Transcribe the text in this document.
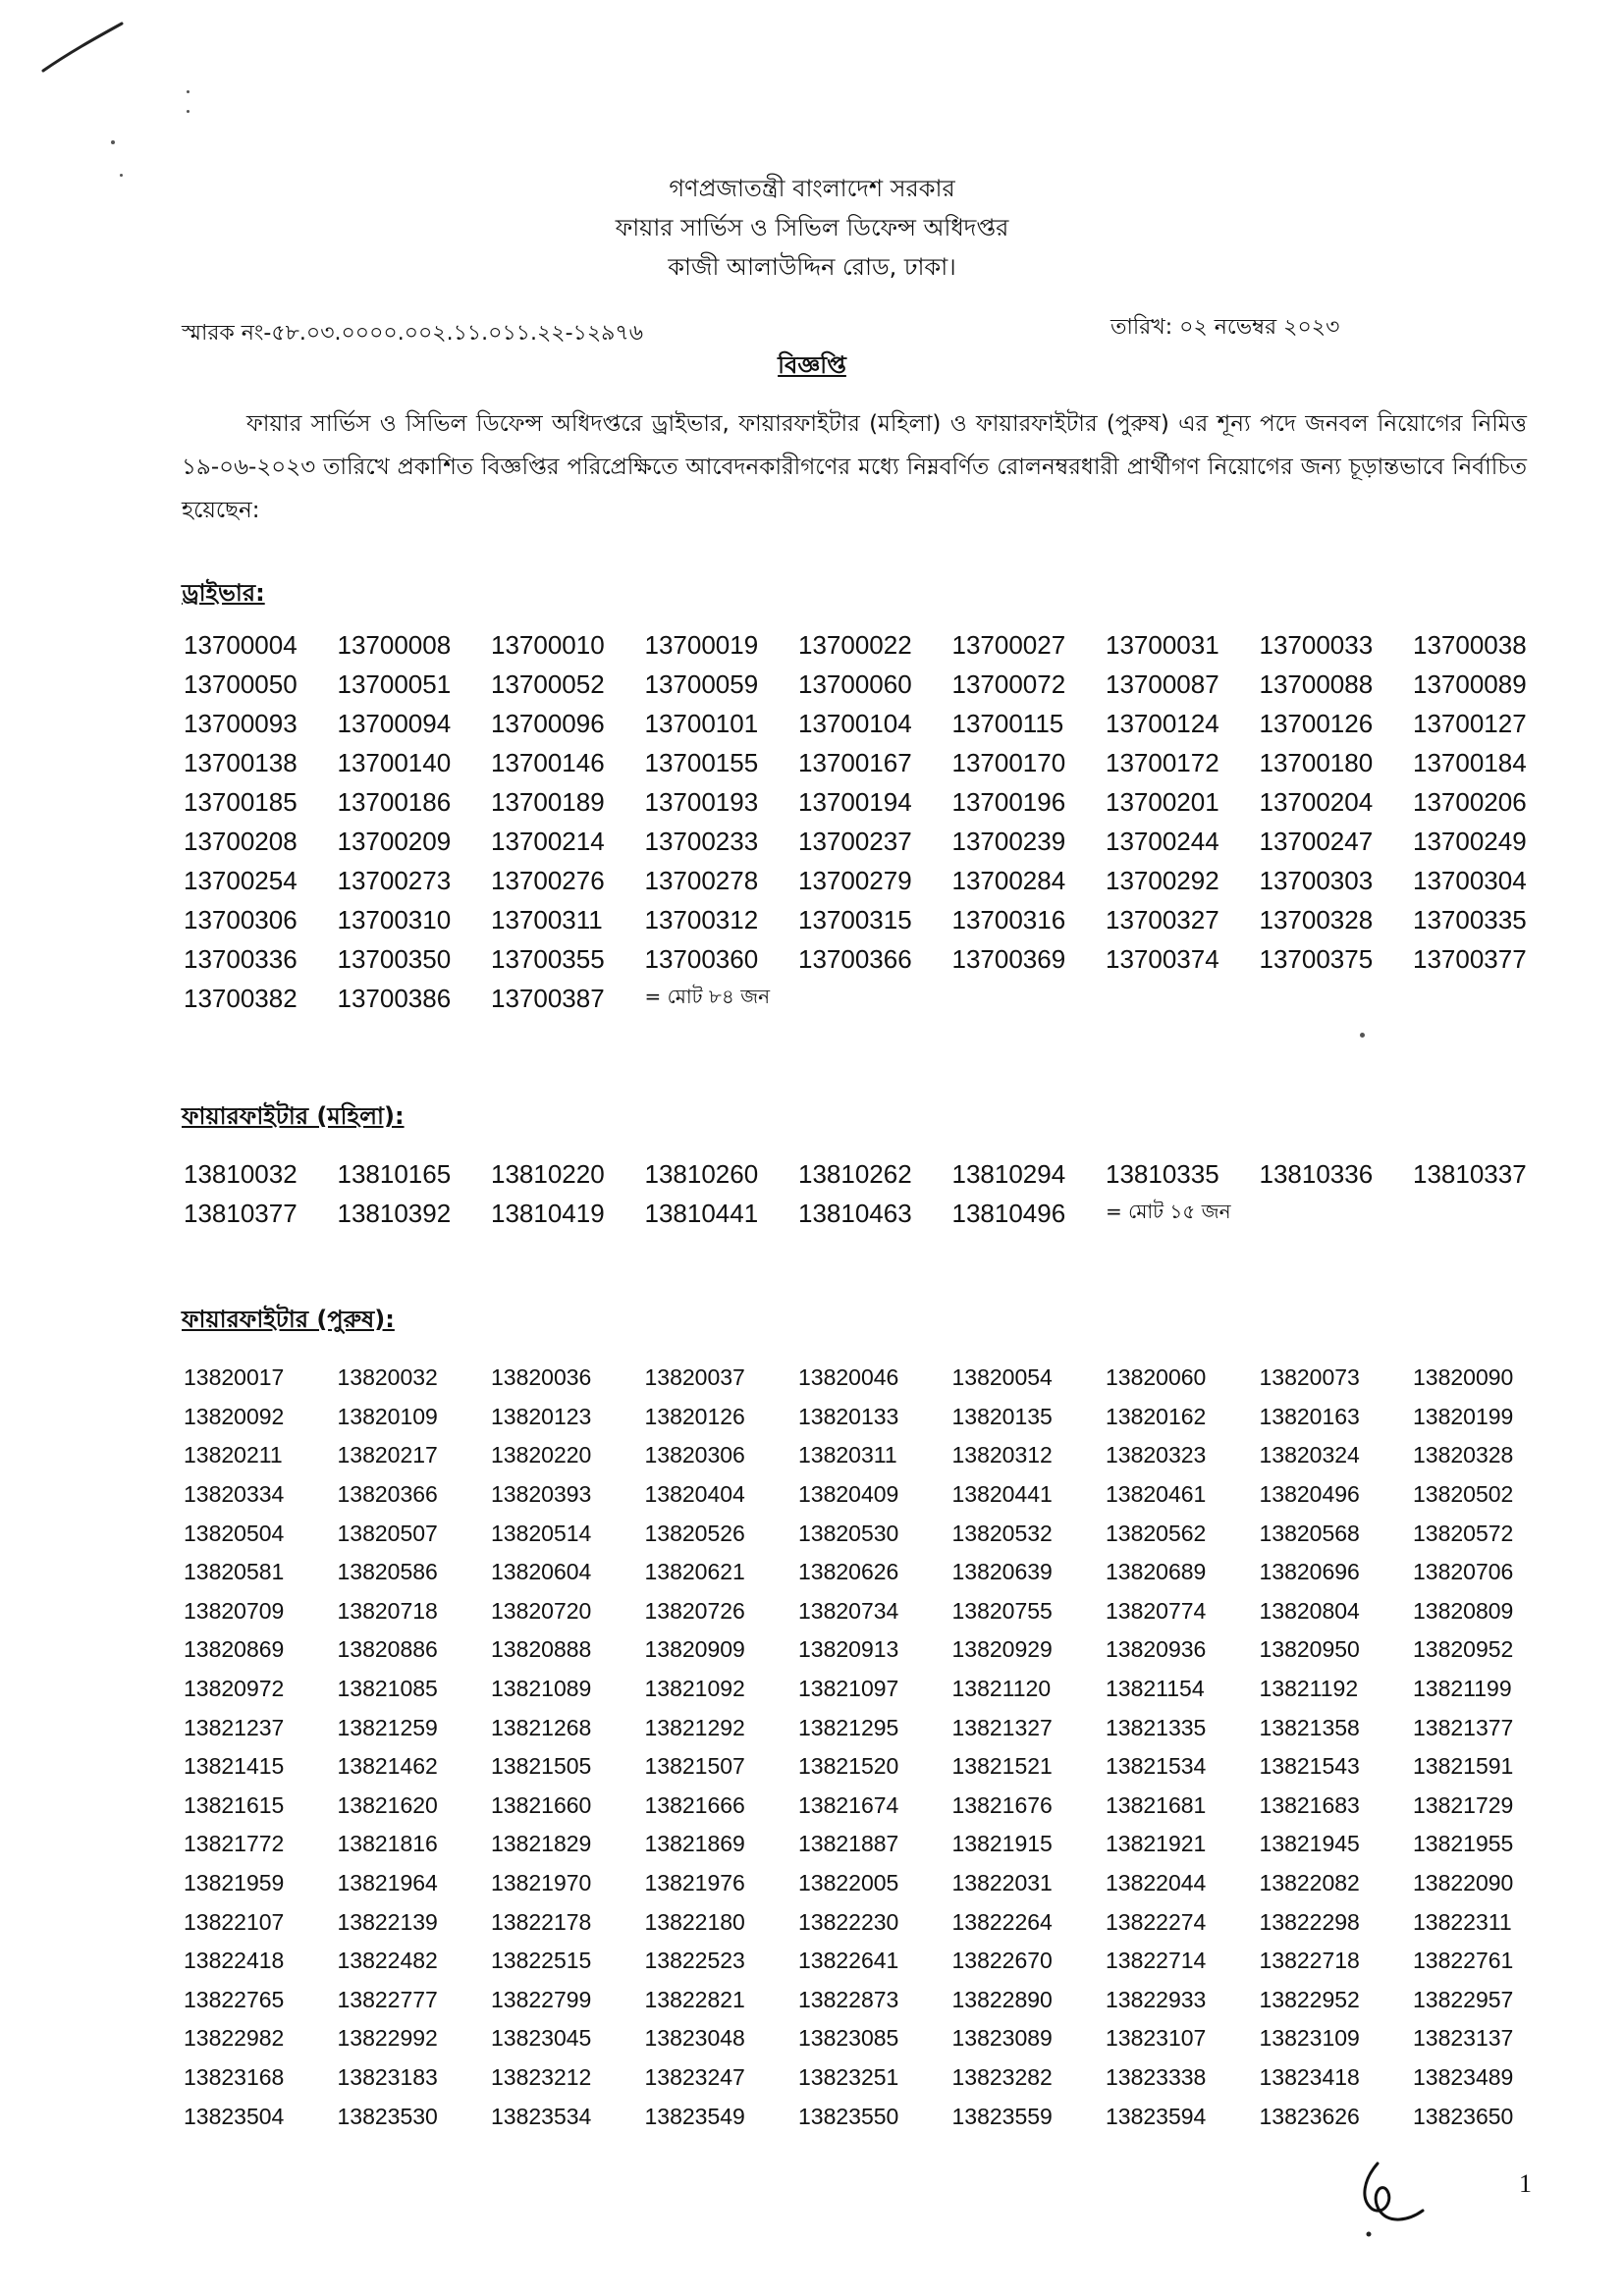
গণপ্রজাতন্ত্রী বাংলাদেশ সরকার
ফায়ার সার্ভিস ও সিভিল ডিফেন্স অধিদপ্তর
কাজী আলাউদ্দিন রোড, ঢাকা।
স্মারক নং-৫৮.০৩.০০০০.০০২.১১.০১১.২২-১২৯৭৬	তারিখ: ০২ নভেম্বর ২০২৩
বিজ্ঞপ্তি
ফায়ার সার্ভিস ও সিভিল ডিফেন্স অধিদপ্তরে ড্রাইভার, ফায়ারফাইটার (মহিলা) ও ফায়ারফাইটার (পুরুষ) এর শূন্য পদে জনবল নিয়োগের নিমিত্ত ১৯-০৬-২০২৩ তারিখে প্রকাশিত বিজ্ঞপ্তির পরিপ্রেক্ষিতে আবেদনকারীগণের মধ্যে নিম্নবর্ণিত রোলনম্বরধারী প্রার্থীগণ নিয়োগের জন্য চূড়ান্তভাবে নির্বাচিত হয়েছেন:
ড্রাইভার:
13700004	13700008	13700010	13700019	13700022	13700027	13700031	13700033	13700038
13700050	13700051	13700052	13700059	13700060	13700072	13700087	13700088	13700089
13700093	13700094	13700096	13700101	13700104	13700115	13700124	13700126	13700127
13700138	13700140	13700146	13700155	13700167	13700170	13700172	13700180	13700184
13700185	13700186	13700189	13700193	13700194	13700196	13700201	13700204	13700206
13700208	13700209	13700214	13700233	13700237	13700239	13700244	13700247	13700249
13700254	13700273	13700276	13700278	13700279	13700284	13700292	13700303	13700304
13700306	13700310	13700311	13700312	13700315	13700316	13700327	13700328	13700335
13700336	13700350	13700355	13700360	13700366	13700369	13700374	13700375	13700377
13700382	13700386	13700387	= মোট ৮৪ জন
ফায়ারফাইটার (মহিলা):
13810032	13810165	13810220	13810260	13810262	13810294	13810335	13810336	13810337
13810377	13810392	13810419	13810441	13810463	13810496	= মোট ১৫ জন
ফায়ারফাইটার (পুরুষ):
13820017	13820032	13820036	13820037	13820046	13820054	13820060	13820073	13820090
13820092	13820109	13820123	13820126	13820133	13820135	13820162	13820163	13820199
13820211	13820217	13820220	13820306	13820311	13820312	13820323	13820324	13820328
13820334	13820366	13820393	13820404	13820409	13820441	13820461	13820496	13820502
13820504	13820507	13820514	13820526	13820530	13820532	13820562	13820568	13820572
13820581	13820586	13820604	13820621	13820626	13820639	13820689	13820696	13820706
13820709	13820718	13820720	13820726	13820734	13820755	13820774	13820804	13820809
13820869	13820886	13820888	13820909	13820913	13820929	13820936	13820950	13820952
13820972	13821085	13821089	13821092	13821097	13821120	13821154	13821192	13821199
13821237	13821259	13821268	13821292	13821295	13821327	13821335	13821358	13821377
13821415	13821462	13821505	13821507	13821520	13821521	13821534	13821543	13821591
13821615	13821620	13821660	13821666	13821674	13821676	13821681	13821683	13821729
13821772	13821816	13821829	13821869	13821887	13821915	13821921	13821945	13821955
13821959	13821964	13821970	13821976	13822005	13822031	13822044	13822082	13822090
13822107	13822139	13822178	13822180	13822230	13822264	13822274	13822298	13822311
13822418	13822482	13822515	13822523	13822641	13822670	13822714	13822718	13822761
13822765	13822777	13822799	13822821	13822873	13822890	13822933	13822952	13822957
13822982	13822992	13823045	13823048	13823085	13823089	13823107	13823109	13823137
13823168	13823183	13823212	13823247	13823251	13823282	13823338	13823418	13823489
13823504	13823530	13823534	13823549	13823550	13823559	13823594	13823626	13823650
1
